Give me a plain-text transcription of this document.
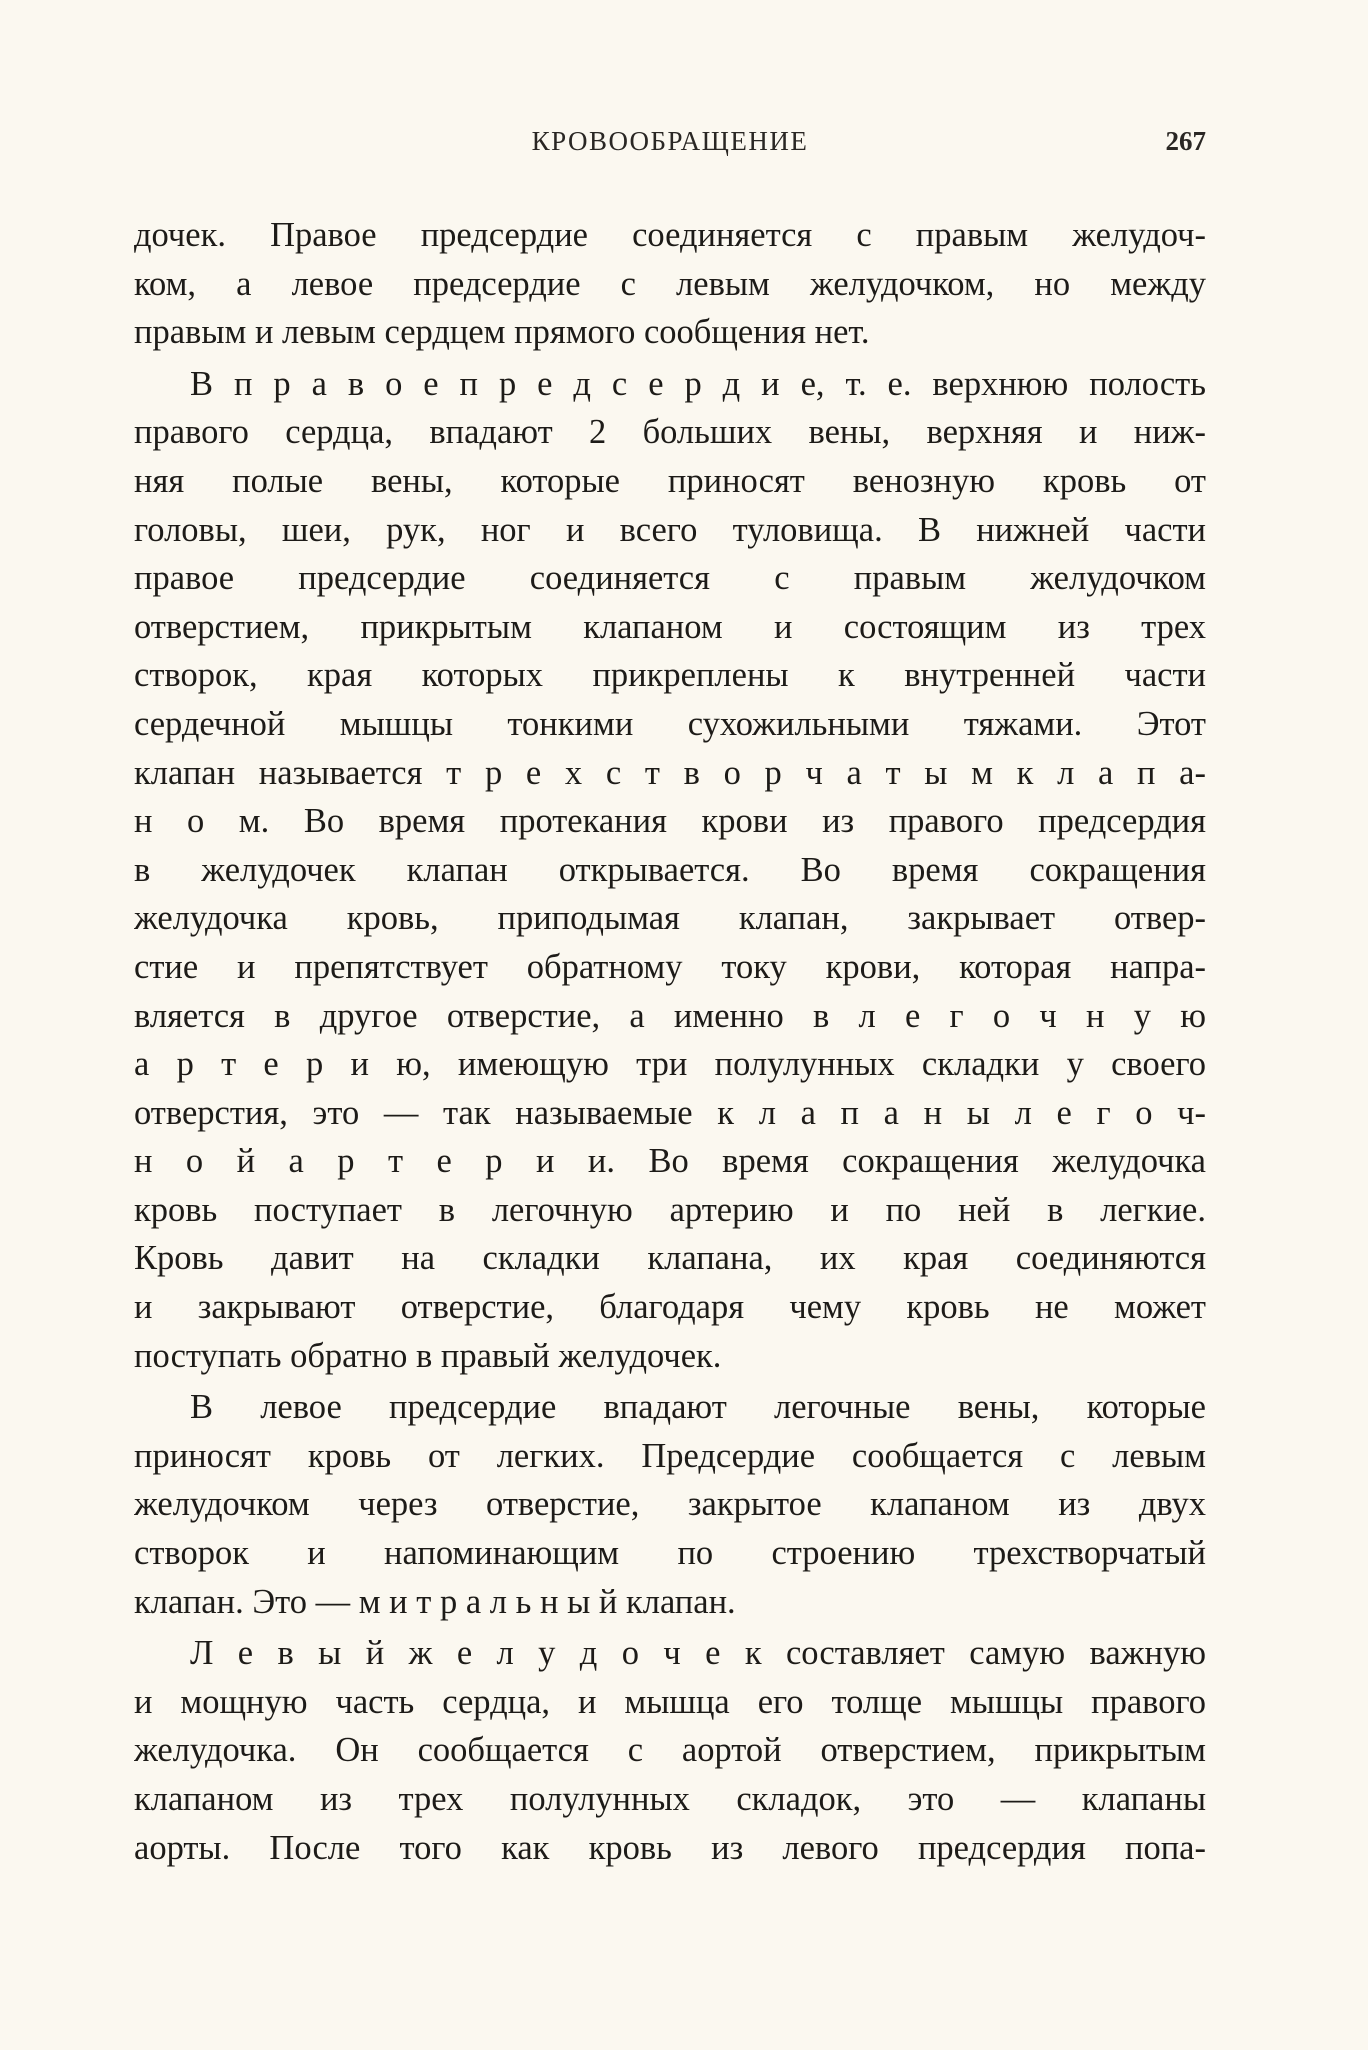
КРОВООБРАЩЕНИЕ	267
дочек. Правое предсердие соединяется с правым желудоч-
ком, а левое предсердие с левым желудочком, но между
правым и левым сердцем прямого сообщения нет.
В п р а в о е п р е д с е р д и е, т. е. верхнюю полость
правого сердца, впадают 2 больших вены, верхняя и ниж-
няя полые вены, которые приносят венозную кровь от
головы, шеи, рук, ног и всего туловища. В нижней части
правое предсердие соединяется с правым желудочком
отверстием, прикрытым клапаном и состоящим из трех
створок, края которых прикреплены к внутренней части
сердечной мышцы тонкими сухожильными тяжами. Этот
клапан называется т р е х с т в о р ч а т ы м к л а п а-
н о м. Во время протекания крови из правого предсердия
в желудочек клапан открывается. Во время сокращения
желудочка кровь, приподымая клапан, закрывает отвер-
стие и препятствует обратному току крови, которая напра-
вляется в другое отверстие, а именно в л е г о ч н у ю
а р т е р и ю, имеющую три полулунных складки у своего
отверстия, это — так называемые к л а п а н ы л е г о ч-
н о й а р т е р и и. Во время сокращения желудочка
кровь поступает в легочную артерию и по ней в легкие.
Кровь давит на складки клапана, их края соединяются
и закрывают отверстие, благодаря чему кровь не может
поступать обратно в правый желудочек.
В левое предсердие впадают легочные вены, которые
приносят кровь от легких. Предсердие сообщается с левым
желудочком через отверстие, закрытое клапаном из двух
створок и напоминающим по строению трехстворчатый
клапан. Это — м и т р а л ь н ы й клапан.
Л е в ы й ж е л у д о ч е к составляет самую важную
и мощную часть сердца, и мышца его толще мышцы правого
желудочка. Он сообщается с аортой отверстием, прикрытым
клапаном из трех полулунных складок, это — клапаны
аорты. После того как кровь из левого предсердия попа-
